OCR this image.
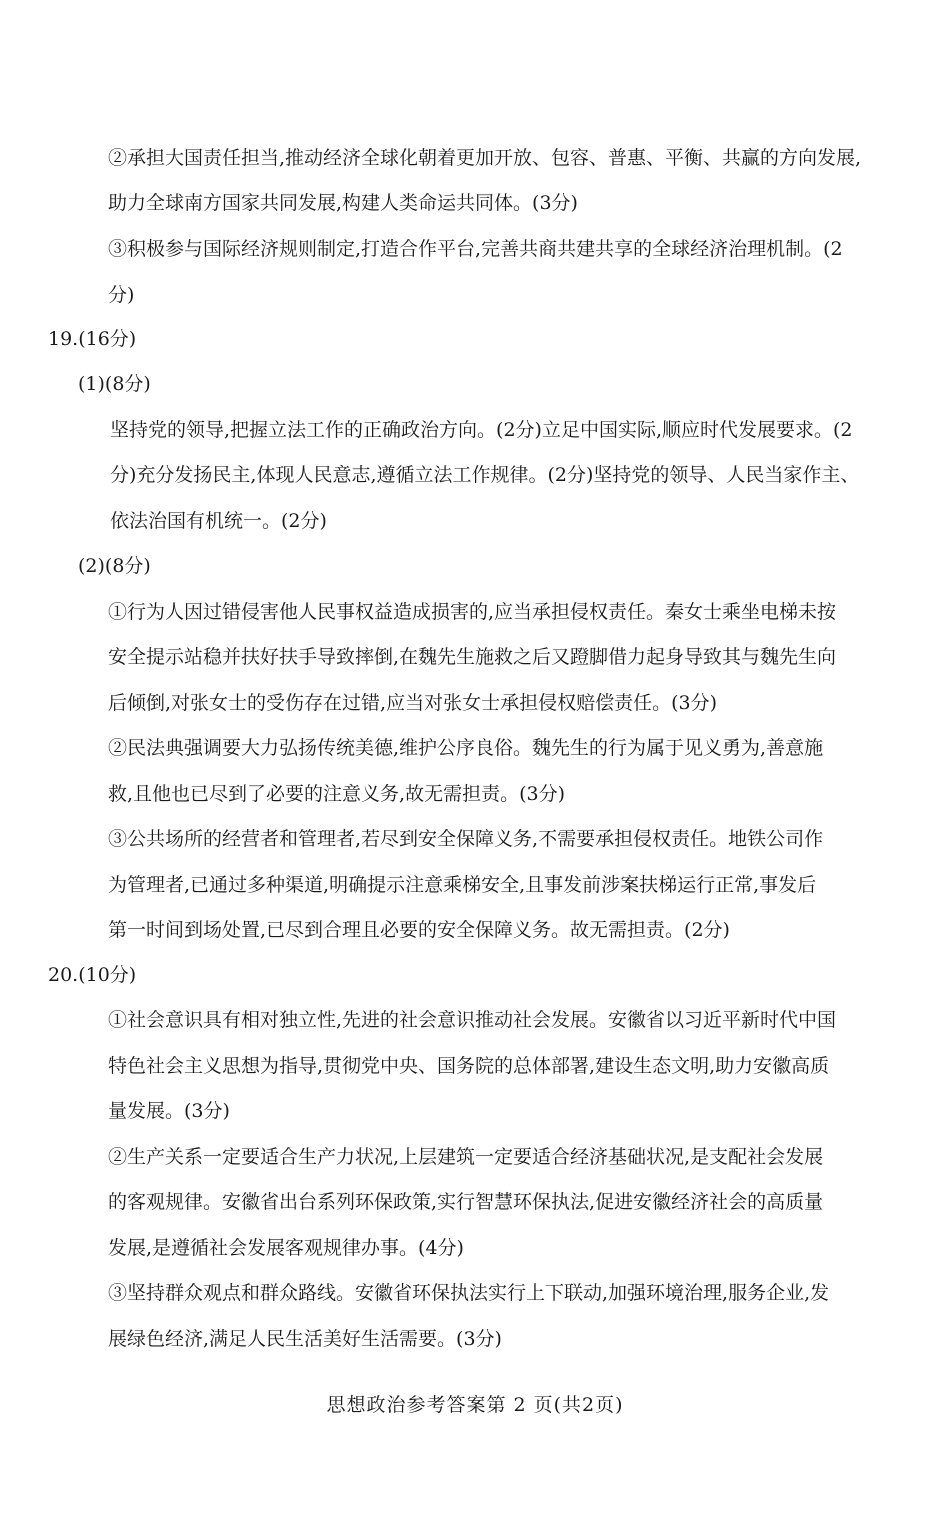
②承担大国责任担当,推动经济全球化朝着更加开放、包容、普惠、平衡、共赢的方向发展,
助力全球南方国家共同发展,构建人类命运共同体。(3分)
③积极参与国际经济规则制定,打造合作平台,完善共商共建共享的全球经济治理机制。(2
分)
19.(16分)
(1)(8分)
坚持党的领导,把握立法工作的正确政治方向。(2分)立足中国实际,顺应时代发展要求。(2
分)充分发扬民主,体现人民意志,遵循立法工作规律。(2分)坚持党的领导、人民当家作主、
依法治国有机统一。(2分)
(2)(8分)
①行为人因过错侵害他人民事权益造成损害的,应当承担侵权责任。秦女士乘坐电梯未按
安全提示站稳并扶好扶手导致摔倒,在魏先生施救之后又蹬脚借力起身导致其与魏先生向
后倾倒,对张女士的受伤存在过错,应当对张女士承担侵权赔偿责任。(3分)
②民法典强调要大力弘扬传统美德,维护公序良俗。魏先生的行为属于见义勇为,善意施
救,且他也已尽到了必要的注意义务,故无需担责。(3分)
③公共场所的经营者和管理者,若尽到安全保障义务,不需要承担侵权责任。地铁公司作
为管理者,已通过多种渠道,明确提示注意乘梯安全,且事发前涉案扶梯运行正常,事发后
第一时间到场处置,已尽到合理且必要的安全保障义务。故无需担责。(2分)
20.(10分)
①社会意识具有相对独立性,先进的社会意识推动社会发展。安徽省以习近平新时代中国
特色社会主义思想为指导,贯彻党中央、国务院的总体部署,建设生态文明,助力安徽高质
量发展。(3分)
②生产关系一定要适合生产力状况,上层建筑一定要适合经济基础状况,是支配社会发展
的客观规律。安徽省出台系列环保政策,实行智慧环保执法,促进安徽经济社会的高质量
发展,是遵循社会发展客观规律办事。(4分)
③坚持群众观点和群众路线。安徽省环保执法实行上下联动,加强环境治理,服务企业,发
展绿色经济,满足人民生活美好生活需要。(3分)
思想政治参考答案第 2 页(共2页)
